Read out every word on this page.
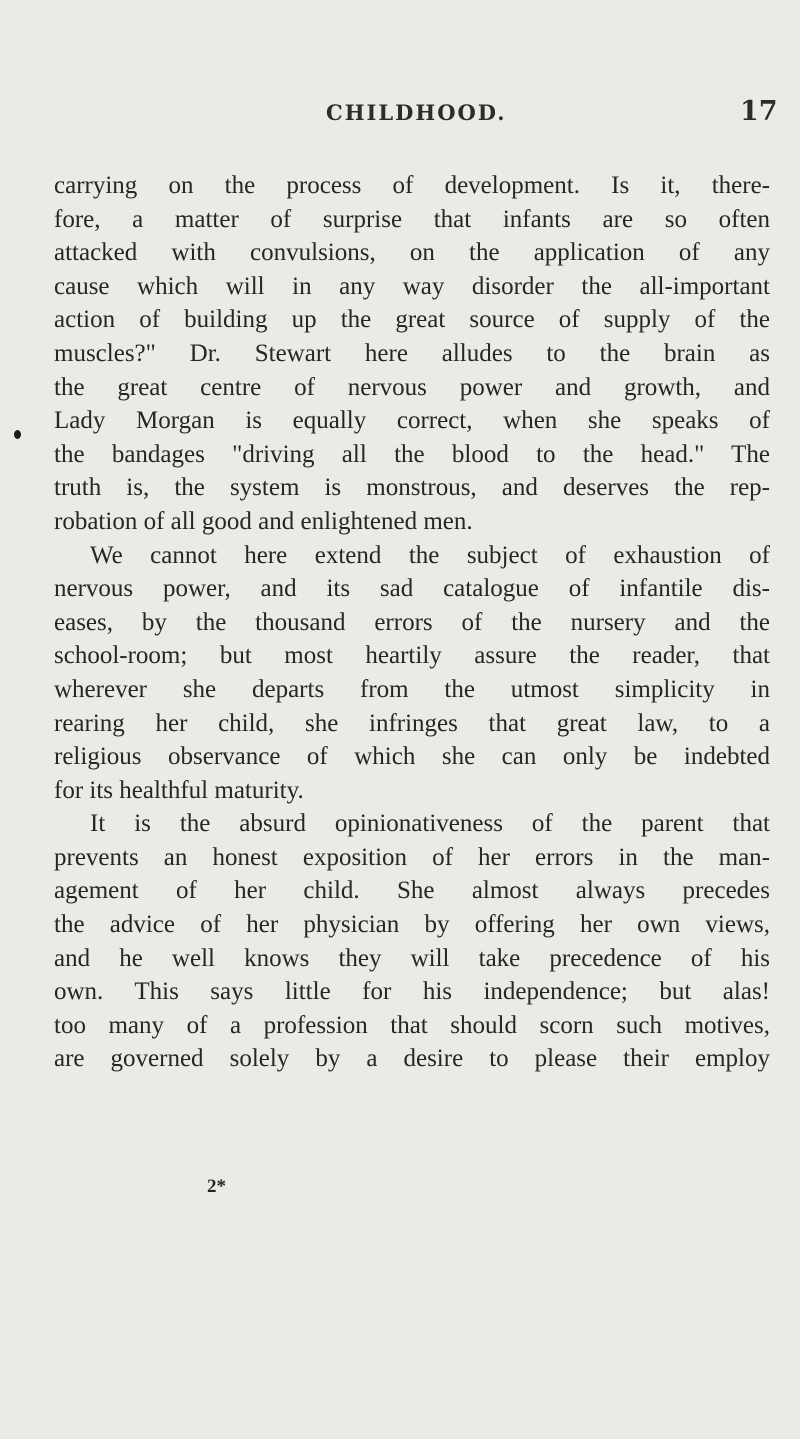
CHILDHOOD.	17
carrying on the process of development. Is it, there-
fore, a matter of surprise that infants are so often
attacked with convulsions, on the application of any
cause which will in any way disorder the all-important
action of building up the great source of supply of the
muscles?" Dr. Stewart here alludes to the brain as
the great centre of nervous power and growth, and
Lady Morgan is equally correct, when she speaks of
the bandages "driving all the blood to the head." The
truth is, the system is monstrous, and deserves the rep-
robation of all good and enlightened men.
We cannot here extend the subject of exhaustion of
nervous power, and its sad catalogue of infantile dis-
eases, by the thousand errors of the nursery and the
school-room; but most heartily assure the reader, that
wherever she departs from the utmost simplicity in
rearing her child, she infringes that great law, to a
religious observance of which she can only be indebted
for its healthful maturity.
It is the absurd opinionativeness of the parent that
prevents an honest exposition of her errors in the man-
agement of her child. She almost always precedes
the advice of her physician by offering her own views,
and he well knows they will take precedence of his
own. This says little for his independence; but alas!
too many of a profession that should scorn such motives,
are governed solely by a desire to please their employ
2*
